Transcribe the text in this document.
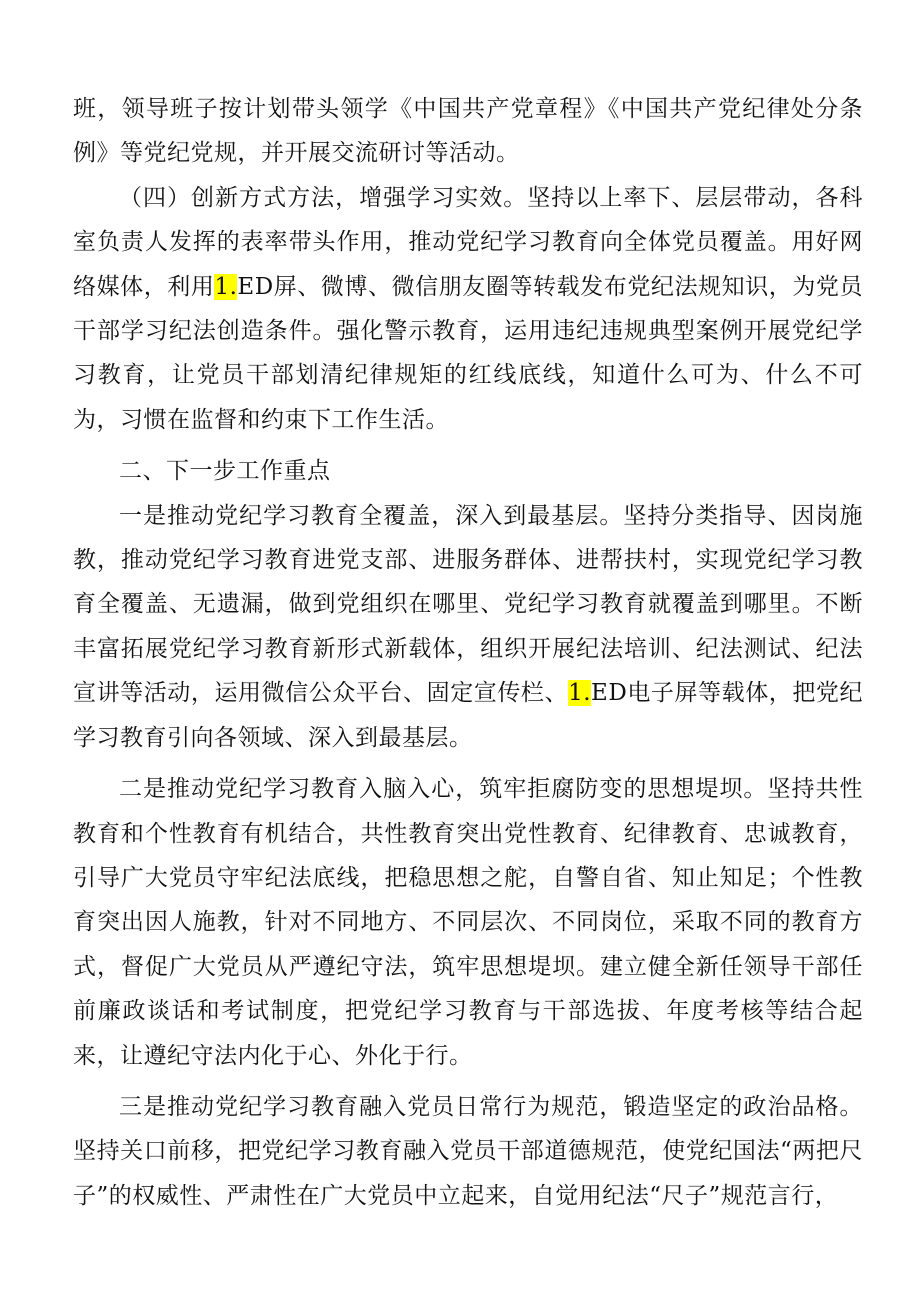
班，领导班子按计划带头领学《中国共产党章程》《中国共产党纪律处分条例》等党纪党规，并开展交流研讨等活动。

（四）创新方式方法，增强学习实效。坚持以上率下、层层带动，各科室负责人发挥的表率带头作用，推动党纪学习教育向全体党员覆盖。用好网络媒体，利用1.ED屏、微博、微信朋友圈等转载发布党纪法规知识，为党员干部学习纪法创造条件。强化警示教育，运用违纪违规典型案例开展党纪学习教育，让党员干部划清纪律规矩的红线底线，知道什么可为、什么不可为，习惯在监督和约束下工作生活。

二、下一步工作重点

一是推动党纪学习教育全覆盖，深入到最基层。坚持分类指导、因岗施教，推动党纪学习教育进党支部、进服务群体、进帮扶村，实现党纪学习教育全覆盖、无遗漏，做到党组织在哪里、党纪学习教育就覆盖到哪里。不断丰富拓展党纪学习教育新形式新载体，组织开展纪法培训、纪法测试、纪法宣讲等活动，运用微信公众平台、固定宣传栏、1.ED电子屏等载体，把党纪学习教育引向各领域、深入到最基层。

二是推动党纪学习教育入脑入心，筑牢拒腐防变的思想堤坝。坚持共性教育和个性教育有机结合，共性教育突出党性教育、纪律教育、忠诚教育，引导广大党员守牢纪法底线，把稳思想之舵，自警自省、知止知足；个性教育突出因人施教，针对不同地方、不同层次、不同岗位，采取不同的教育方式，督促广大党员从严遵纪守法，筑牢思想堤坝。建立健全新任领导干部任前廉政谈话和考试制度，把党纪学习教育与干部选拔、年度考核等结合起来，让遵纪守法内化于心、外化于行。

三是推动党纪学习教育融入党员日常行为规范，锻造坚定的政治品格。坚持关口前移，把党纪学习教育融入党员干部道德规范，使党纪国法“两把尺子”的权威性、严肃性在广大党员中立起来，自觉用纪法“尺子”规范言行，
